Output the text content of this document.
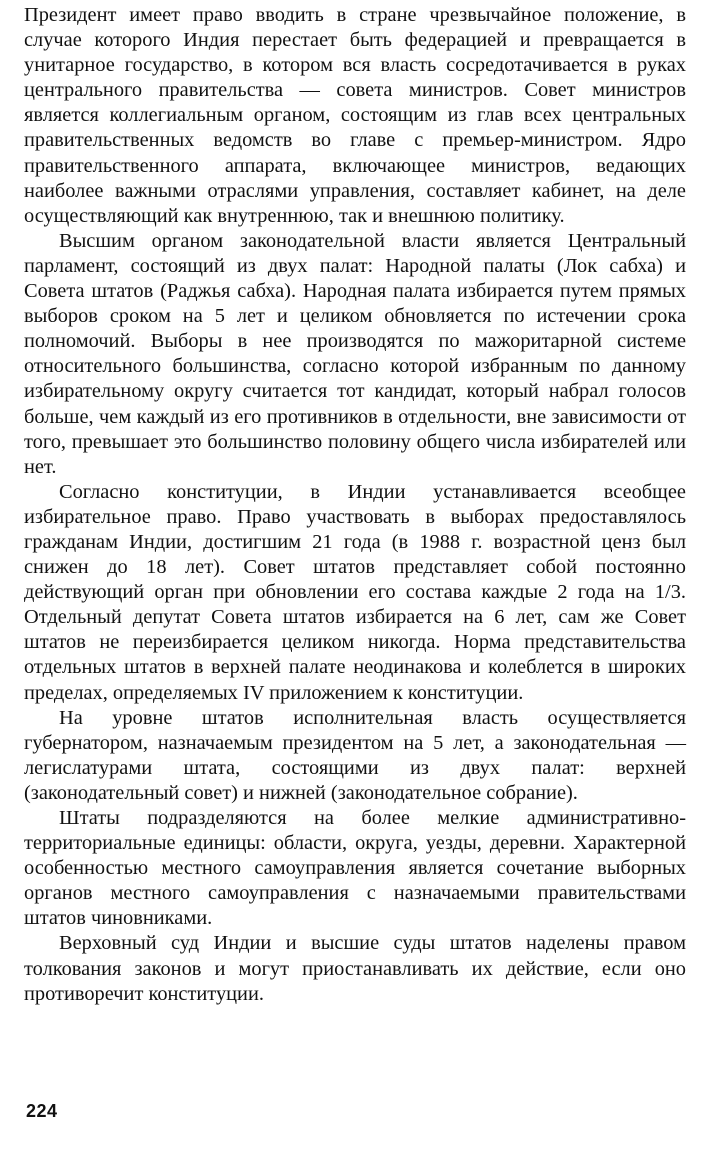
Президент имеет право вводить в стране чрезвычайное положение, в случае которого Индия перестает быть федерацией и превращается в унитарное государство, в котором вся власть сосредотачивается в руках центрального правительства — совета министров. Совет министров является коллегиальным органом, состоящим из глав всех центральных правительственных ведомств во главе с премьер-министром. Ядро правительственного аппарата, включающее министров, ведающих наиболее важными отраслями управления, составляет кабинет, на деле осуществляющий как внутреннюю, так и внешнюю политику.

Высшим органом законодательной власти является Центральный парламент, состоящий из двух палат: Народной палаты (Лок сабха) и Совета штатов (Раджья сабха). Народная палата избирается путем прямых выборов сроком на 5 лет и целиком обновляется по истечении срока полномочий. Выборы в нее производятся по мажоритарной системе относительного большинства, согласно которой избранным по данному избирательному округу считается тот кандидат, который набрал голосов больше, чем каждый из его противников в отдельности, вне зависимости от того, превышает это большинство половину общего числа избирателей или нет.

Согласно конституции, в Индии устанавливается всеобщее избирательное право. Право участвовать в выборах предоставлялось гражданам Индии, достигшим 21 года (в 1988 г. возрастной ценз был снижен до 18 лет). Совет штатов представляет собой постоянно действующий орган при обновлении его состава каждые 2 года на 1/3. Отдельный депутат Совета штатов избирается на 6 лет, сам же Совет штатов не переизбирается целиком никогда. Норма представительства отдельных штатов в верхней палате неодинакова и колеблется в широких пределах, определяемых IV приложением к конституции.

На уровне штатов исполнительная власть осуществляется губернатором, назначаемым президентом на 5 лет, а законодательная — легислатурами штата, состоящими из двух палат: верхней (законодательный совет) и нижней (законодательное собрание).

Штаты подразделяются на более мелкие административно-территориальные единицы: области, округа, уезды, деревни. Характерной особенностью местного самоуправления является сочетание выборных органов местного самоуправления с назначаемыми правительствами штатов чиновниками.

Верховный суд Индии и высшие суды штатов наделены правом толкования законов и могут приостанавливать их действие, если оно противоречит конституции.

224
